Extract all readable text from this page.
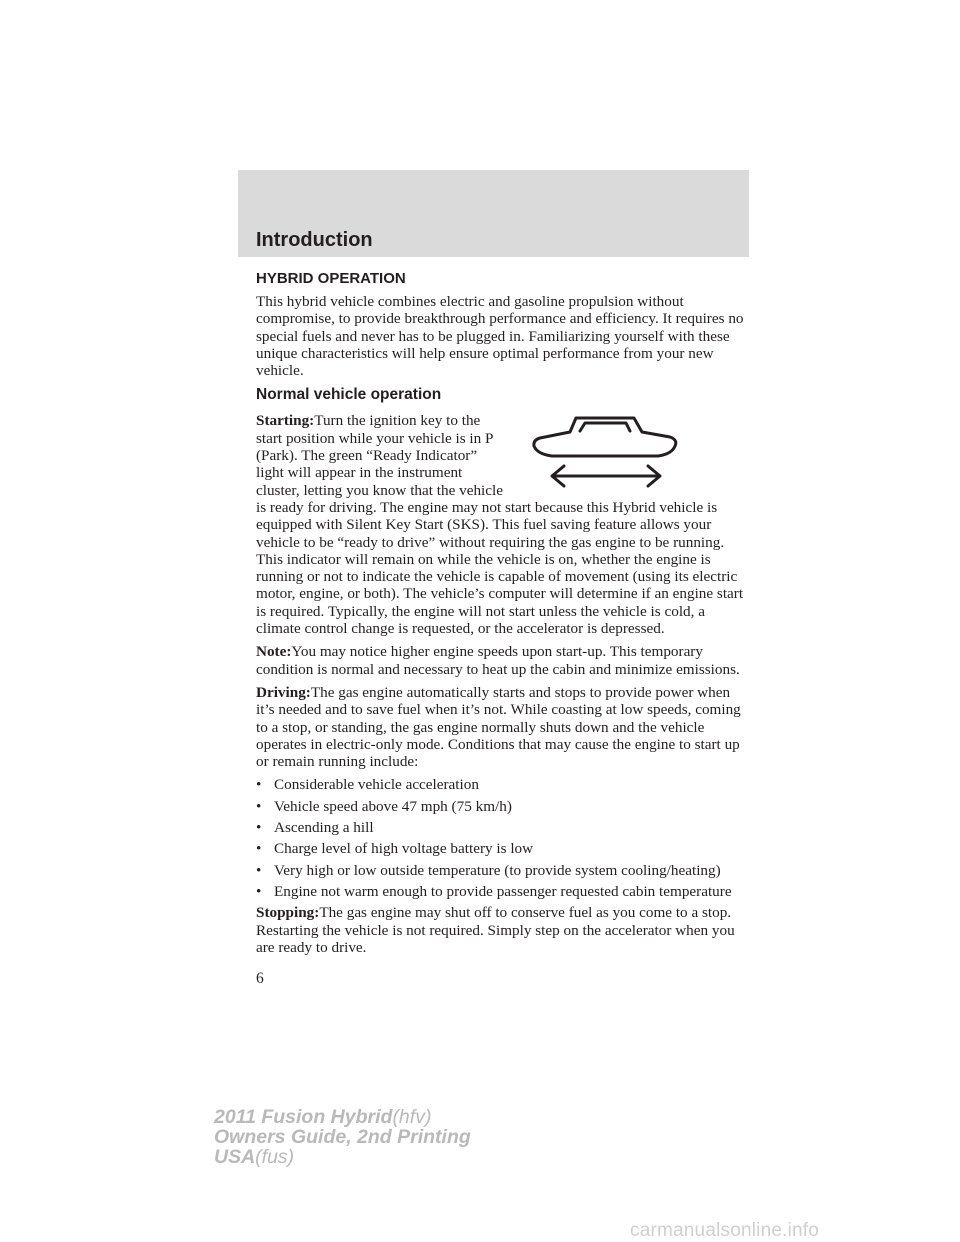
Introduction
HYBRID OPERATION

This hybrid vehicle combines electric and gasoline propulsion without compromise, to provide breakthrough performance and efficiency. It requires no special fuels and never has to be plugged in. Familiarizing yourself with these unique characteristics will help ensure optimal performance from your new vehicle.

Normal vehicle operation

Starting:Turn the ignition key to the start position while your vehicle is in P (Park). The green “Ready Indicator” light will appear in the instrument cluster, letting you know that the vehicle is ready for driving. The engine may not start because this Hybrid vehicle is equipped with Silent Key Start (SKS). This fuel saving feature allows your vehicle to be “ready to drive” without requiring the gas engine to be running. This indicator will remain on while the vehicle is on, whether the engine is running or not to indicate the vehicle is capable of movement (using its electric motor, engine, or both). The vehicle’s computer will determine if an engine start is required. Typically, the engine will not start unless the vehicle is cold, a climate control change is requested, or the accelerator is depressed.

Note:You may notice higher engine speeds upon start-up. This temporary condition is normal and necessary to heat up the cabin and minimize emissions.

Driving:The gas engine automatically starts and stops to provide power when it’s needed and to save fuel when it’s not. While coasting at low speeds, coming to a stop, or standing, the gas engine normally shuts down and the vehicle operates in electric-only mode. Conditions that may cause the engine to start up or remain running include:

• Considerable vehicle acceleration
• Vehicle speed above 47 mph (75 km/h)
• Ascending a hill
• Charge level of high voltage battery is low
• Very high or low outside temperature (to provide system cooling/heating)
• Engine not warm enough to provide passenger requested cabin temperature

Stopping:The gas engine may shut off to conserve fuel as you come to a stop. Restarting the vehicle is not required. Simply step on the accelerator when you are ready to drive.

6
2011 Fusion Hybrid(hfv)
Owners Guide, 2nd Printing
USA(fus)
carmanualsonline.info
